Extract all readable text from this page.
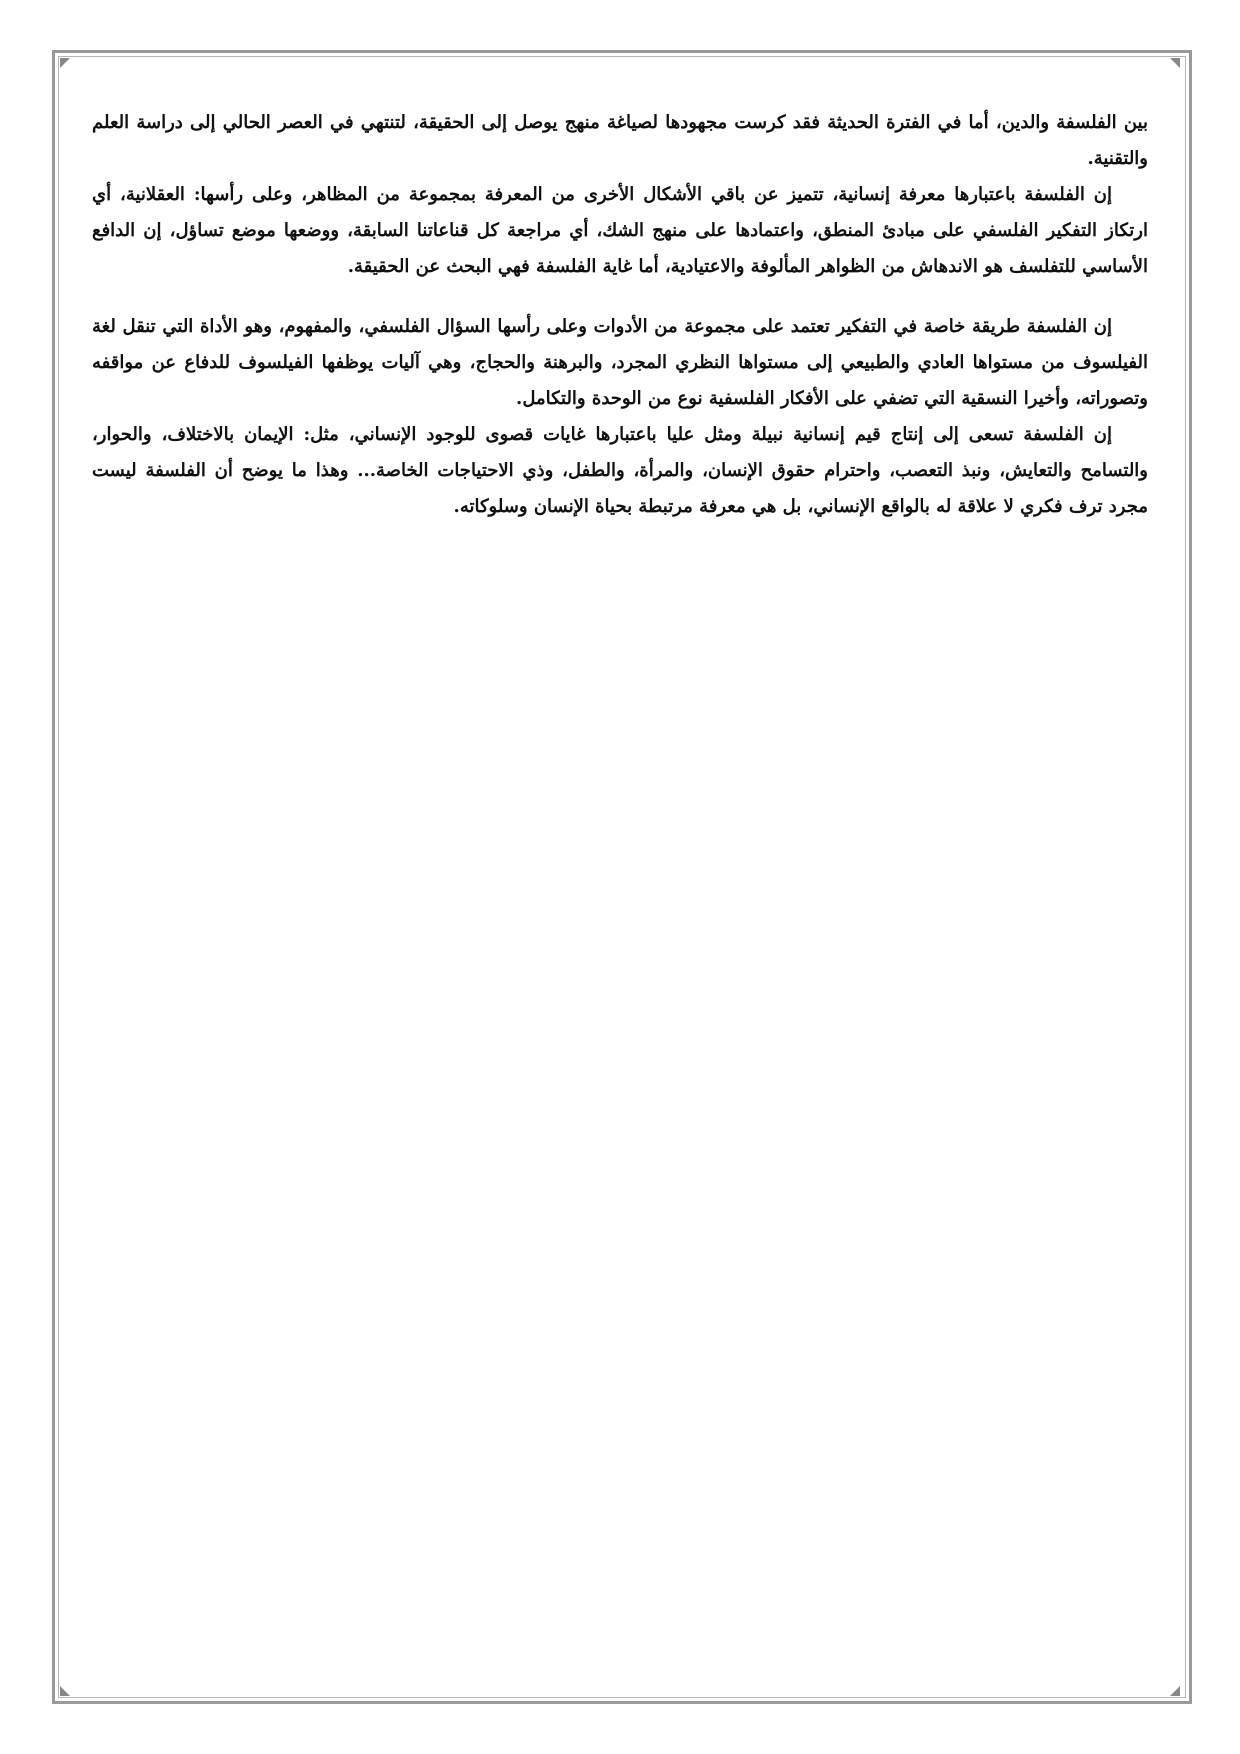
بين الفلسفة والدين، أما في الفترة الحديثة فقد كرست مجهودها لصياغة منهج يوصل إلى الحقيقة، لتنتهي في العصر الحالي إلى دراسة العلم والتقنية.

إن الفلسفة باعتبارها معرفة إنسانية، تتميز عن باقي الأشكال الأخرى من المعرفة بمجموعة من المظاهر، وعلى رأسها: العقلانية، أي ارتكاز التفكير الفلسفي على مبادئ المنطق، واعتمادها على منهج الشك، أي مراجعة كل قناعاتنا السابقة، ووضعها موضع تساؤل، إن الدافع الأساسي للتفلسف هو الاندهاش من الظواهر المألوفة والاعتيادية، أما غاية الفلسفة فهي البحث عن الحقيقة.

إن الفلسفة طريقة خاصة في التفكير تعتمد على مجموعة من الأدوات وعلى رأسها السؤال الفلسفي، والمفهوم، وهو الأداة التي تنقل لغة الفيلسوف من مستواها العادي والطبيعي إلى مستواها النظري المجرد، والبرهنة والحجاج، وهي آليات يوظفها الفيلسوف للدفاع عن مواقفه وتصوراته، وأخيرا النسقية التي تضفي على الأفكار الفلسفية نوع من الوحدة والتكامل.

إن الفلسفة تسعى إلى إنتاج قيم إنسانية نبيلة ومثل عليا باعتبارها غايات قصوى للوجود الإنساني، مثل: الإيمان بالاختلاف، والحوار، والتسامح والتعايش، ونبذ التعصب، واحترام حقوق الإنسان، والمرأة، والطفل، وذي الاحتياجات الخاصة... وهذا ما يوضح أن الفلسفة ليست مجرد ترف فكري لا علاقة له بالواقع الإنساني، بل هي معرفة مرتبطة بحياة الإنسان وسلوكاته.
